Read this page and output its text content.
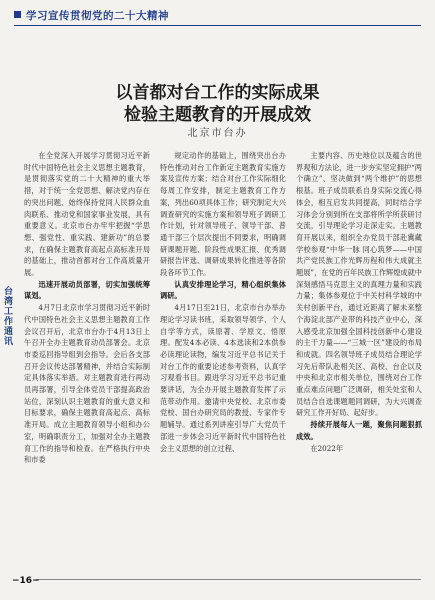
学习宣传贯彻党的二十大精神
以首都对台工作的实际成果
检验主题教育的开展成效
北京市台办
台湾工作通讯

在全党深入开展学习贯彻习近平新时代中国特色社会主义思想主题教育，是贯彻落实党的二十大精神的重大举措，对于统一全党思想、解决党内存在的突出问题、始终保持党同人民群众血肉联系、推动党和国家事业发展，具有重要意义。北京市台办牢牢把握“学思想、强党性、重实践、建新功”的总要求，在确保主题教育高起点高标准开局的基础上，推动首都对台工作高质量开展。

迅速开展动员部署，切实加强统筹谋划。

4月7日北京市学习贯彻习近平新时代中国特色社会主义思想主题教育工作会议召开后，北京市台办于4月13日上午召开全办主题教育动员部署会。北京市委巡回指导组到会指导。会后各支部召开会议传达部署精神，并结合实际制定具体落实举措。对主题教育进行再动员再部署，引导全体党员干部提高政治站位，深刻认识主题教育的重大意义和目标要求，确保主题教育高起点、高标准开局。成立主题教育领导小组和办公室，明确职责分工，加强对全办主题教育工作的指导和检查。在严格执行中央和市委

规定动作的基础上，围绕突出台办特色推动对台工作新定主题教育实施方案及宣传方案；结合对台工作实际细化每周工作安排，制定主题教育工作方案，列出60项具体工作；研究制定大兴调查研究的实施方案和领导班子调研工作计划，针对领导班子、领导干部、普通干部三个层次提出不同要求，明确调研课题开题、阶段性成果汇报、优秀调研报告评选、调研成果转化推进等各阶段各环节工作。

认真安排理论学习，精心组织集体调研。

4月17日至21日，北京市台办举办理论学习读书班，采取领导领学、个人自学等方式，读原著、学原文、悟原理。配发4本必读、4本选读和2本供参必读理论读物，编发习近平总书记关于对台工作的重要论述参考资料，认真学习观看书目。跟进学习习近平总书记重要讲话，为全办开展主题教育发挥了示范带动作用。邀请中央党校、北京市委党校、国台办研究局的教授、专家作专题辅导。通过系列讲座引导广大党员干部进一步体会习近平新时代中国特色社会主义思想的创立过程、

主要内容、历史地位以及蕴含的世界观和方法论，进一步夯实坚定拥护“两个确立”、坚决做到“两个维护”的思想根基。班子成员联系自身实际交流心得体会，相互启发共同提高，同时结合学习体会分别到所在支部将所学所获研讨交流，引导理论学习走深走实。主题教育开展以来，组织全办党员干部赴冀藏学校参观“中华一脉 同心筑梦——中国共产党民族工作光辉历程和伟大成就主题展”，在党的百年民族工作辉煌成就中深刻感悟马克思主义的真理力量和实践力量；集体参观位于中关村科学城的中关村创新平台，通过近距离了解未来整个海淀北部产业带的科技产业中心，深入感受北京加强全国科技创新中心建设的主干力量——“三城一区”建设的布局和成就。四名领导班子成员结合理论学习先后带队赴相关区、高校、台企以及中央和北京市相关单位，围绕对台工作重点难点问题广泛调研，相关处室和人员结合自选课题题同调研，为大兴调查研究工作开好局、起好步。

持续开展每人一题，聚焦问题狠抓成效。

在2022年

−16−
